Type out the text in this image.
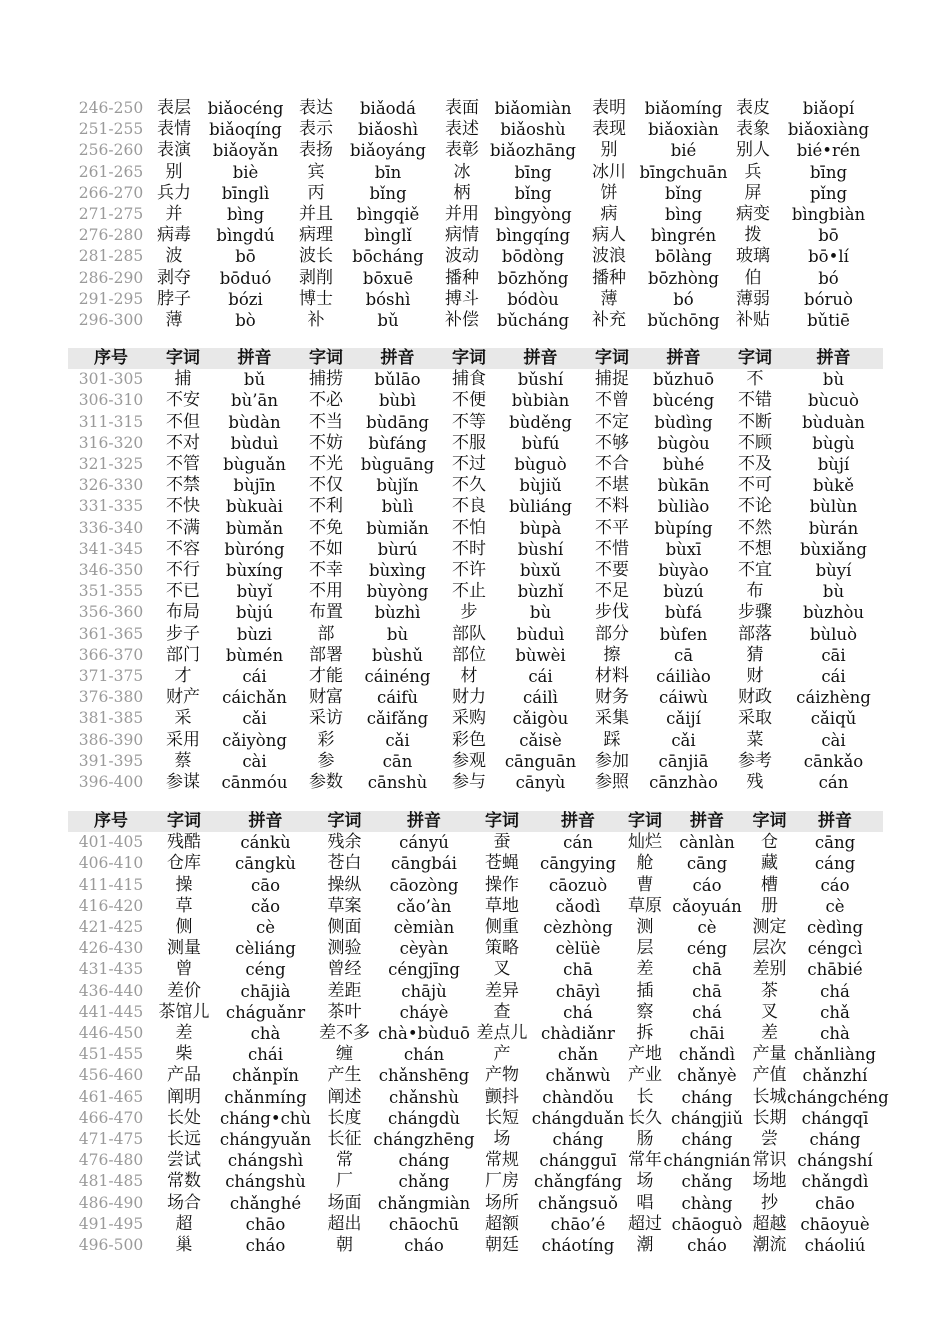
246-250	表层	biǎocéng	表达	biǎodá	表面	biǎomiàn	表明	biǎomíng	表皮	biǎopí
251-255	表情	biǎoqíng	表示	biǎoshì	表述	biǎoshù	表现	biǎoxiàn	表象	biǎoxiàng
256-260	表演	biǎoyǎn	表扬	biǎoyáng	表彰	biǎozhāng	别	bié	别人	bié•rén
261-265	别	biè	宾	bīn	冰	bīng	冰川	bīngchuān	兵	bīng
266-270	兵力	bīnglì	丙	bǐng	柄	bǐng	饼	bǐng	屏	pǐng
271-275	并	bìng	并且	bìngqiě	并用	bìngyòng	病	bìng	病变	bìngbiàn
276-280	病毒	bìngdú	病理	bìnglǐ	病情	bìngqíng	病人	bìngrén	拨	bō
281-285	波	bō	波长	bōcháng	波动	bōdòng	波浪	bōlàng	玻璃	bō•lí
286-290	剥夺	bōduó	剥削	bōxuē	播种	bōzhǒng	播种	bōzhòng	伯	bó
291-295	脖子	bózi	博士	bóshì	搏斗	bódòu	薄	bó	薄弱	bóruò
296-300	薄	bò	补	bǔ	补偿	bǔcháng	补充	bǔchōng	补贴	bǔtiē
序号	字词	拼音	字词	拼音	字词	拼音	字词	拼音	字词	拼音
301-305	捕	bǔ	捕捞	bǔlāo	捕食	bǔshí	捕捉	bǔzhuō	不	bù
306-310	不安	bù’ān	不必	bùbì	不便	bùbiàn	不曾	bùcéng	不错	bùcuò
311-315	不但	bùdàn	不当	bùdāng	不等	bùděng	不定	bùdìng	不断	bùduàn
316-320	不对	bùduì	不妨	bùfáng	不服	bùfú	不够	bùgòu	不顾	bùgù
321-325	不管	bùguǎn	不光	bùguāng	不过	bùguò	不合	bùhé	不及	bùjí
326-330	不禁	bùjīn	不仅	bùjǐn	不久	bùjiǔ	不堪	bùkān	不可	bùkě
331-335	不快	bùkuài	不利	bùlì	不良	bùliáng	不料	bùliào	不论	bùlùn
336-340	不满	bùmǎn	不免	bùmiǎn	不怕	bùpà	不平	bùpíng	不然	bùrán
341-345	不容	bùróng	不如	bùrú	不时	bùshí	不惜	bùxī	不想	bùxiǎng
346-350	不行	bùxíng	不幸	bùxìng	不许	bùxǔ	不要	bùyào	不宜	bùyí
351-355	不已	bùyǐ	不用	bùyòng	不止	bùzhǐ	不足	bùzú	布	bù
356-360	布局	bùjú	布置	bùzhì	步	bù	步伐	bùfá	步骤	bùzhòu
361-365	步子	bùzi	部	bù	部队	bùduì	部分	bùfen	部落	bùluò
366-370	部门	bùmén	部署	bùshǔ	部位	bùwèi	擦	cā	猜	cāi
371-375	才	cái	才能	cáinéng	材	cái	材料	cáiliào	财	cái
376-380	财产	cáichǎn	财富	cáifù	财力	cáilì	财务	cáiwù	财政	cáizhèng
381-385	采	cǎi	采访	cǎifǎng	采购	cǎigòu	采集	cǎijí	采取	cǎiqǔ
386-390	采用	cǎiyòng	彩	cǎi	彩色	cǎisè	踩	cǎi	菜	cài
391-395	蔡	cài	参	cān	参观	cānguān	参加	cānjiā	参考	cānkǎo
396-400	参谋	cānmóu	参数	cānshù	参与	cānyù	参照	cānzhào	残	cán
序号	字词	拼音	字词	拼音	字词	拼音	字词	拼音	字词	拼音
401-405	残酷	cánkù	残余	cányú	蚕	cán	灿烂	cànlàn	仓	cāng
406-410	仓库	cāngkù	苍白	cāngbái	苍蝇	cāngying	舱	cāng	藏	cáng
411-415	操	cāo	操纵	cāozòng	操作	cāozuò	曹	cáo	槽	cáo
416-420	草	cǎo	草案	cǎo’àn	草地	cǎodì	草原	cǎoyuán	册	cè
421-425	侧	cè	侧面	cèmiàn	侧重	cèzhòng	测	cè	测定	cèdìng
426-430	测量	cèliáng	测验	cèyàn	策略	cèlüè	层	céng	层次	céngcì
431-435	曾	céng	曾经	céngjīng	叉	chā	差	chā	差别	chābié
436-440	差价	chājià	差距	chājù	差异	chāyì	插	chā	茶	chá
441-445	茶馆儿	cháguǎnr	茶叶	cháyè	查	chá	察	chá	叉	chǎ
446-450	差	chà	差不多	chà•bùduō	差点儿	chàdiǎnr	拆	chāi	差	chà
451-455	柴	chái	缠	chán	产	chǎn	产地	chǎndì	产量	chǎnliàng
456-460	产品	chǎnpǐn	产生	chǎnshēng	产物	chǎnwù	产业	chǎnyè	产值	chǎnzhí
461-465	阐明	chǎnmíng	阐述	chǎnshù	颤抖	chàndǒu	长	cháng	长城	chángchéng
466-470	长处	cháng•chù	长度	chángdù	长短	chángduǎn	长久	chángjiǔ	长期	chángqī
471-475	长远	chángyuǎn	长征	chángzhēng	场	cháng	肠	cháng	尝	cháng
476-480	尝试	chángshì	常	cháng	常规	chángguī	常年	chángnián	常识	chángshí
481-485	常数	chángshù	厂	chǎng	厂房	chǎngfáng	场	chǎng	场地	chǎngdì
486-490	场合	chǎnghé	场面	chǎngmiàn	场所	chǎngsuǒ	唱	chàng	抄	chāo
491-495	超	chāo	超出	chāochū	超额	chāo’é	超过	chāoguò	超越	chāoyuè
496-500	巢	cháo	朝	cháo	朝廷	cháotíng	潮	cháo	潮流	cháoliú
